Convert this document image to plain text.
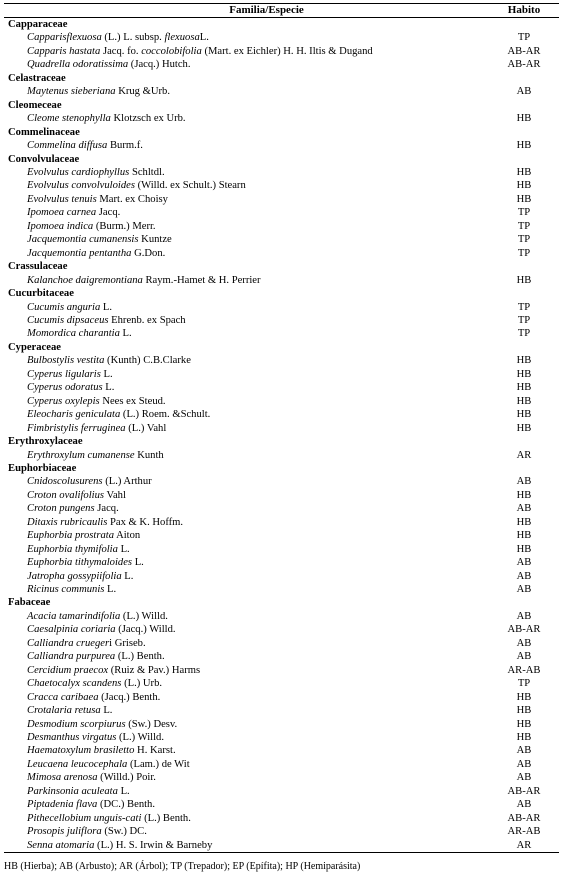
Familia/Especie	Habito
Capparaceae
Capparisflexuosa (L.) L. subsp. flexuosaL.	TP
Capparis hastata Jacq. fo. coccolobifolia (Mart. ex Eichler) H. H. Iltis & Dugand	AB-AR
Quadrella odoratissima (Jacq.) Hutch.	AB-AR
Celastraceae
Maytenus sieberiana Krug &Urb.	AB
Cleomeceae
Cleome stenophylla Klotzsch ex Urb.	HB
Commelinaceae
Commelina diffusa Burm.f.	HB
Convolvulaceae
Evolvulus cardiophyllus Schltdl.	HB
Evolvulus convolvuloides (Willd. ex Schult.) Stearn	HB
Evolvulus tenuis Mart. ex Choisy	HB
Ipomoea carnea Jacq.	TP
Ipomoea indica (Burm.) Merr.	TP
Jacquemontia cumanensis Kuntze	TP
Jacquemontia pentantha G.Don.	TP
Crassulaceae
Kalanchoe daigremontiana Raym.-Hamet & H. Perrier	HB
Cucurbitaceae
Cucumis anguria L.	TP
Cucumis dipsaceus Ehrenb. ex Spach	TP
Momordica charantia L.	TP
Cyperaceae
Bulbostylis vestita (Kunth) C.B.Clarke	HB
Cyperus ligularis L.	HB
Cyperus odoratus L.	HB
Cyperus oxylepis Nees ex Steud.	HB
Eleocharis geniculata (L.) Roem. &Schult.	HB
Fimbristylis ferruginea (L.) Vahl	HB
Erythroxylaceae
Erythroxylum cumanense Kunth	AR
Euphorbiaceae
Cnidoscolusurens (L.) Arthur	AB
Croton ovalifolius Vahl	HB
Croton pungens Jacq.	AB
Ditaxis rubricaulis Pax & K. Hoffm.	HB
Euphorbia prostrata Aiton	HB
Euphorbia thymifolia L.	HB
Euphorbia tithymaloides L.	AB
Jatropha gossypiifolia L.	AB
Ricinus communis L.	AB
Fabaceae
Acacia tamarindifolia (L.) Willd.	AB
Caesalpinia coriaria (Jacq.) Willd.	AB-AR
Calliandra cruegeri Griseb.	AB
Calliandra purpurea (L.) Benth.	AB
Cercidium praecox (Ruiz & Pav.) Harms	AR-AB
Chaetocalyx scandens (L.) Urb.	TP
Cracca caribaea (Jacq.) Benth.	HB
Crotalaria retusa L.	HB
Desmodium scorpiurus (Sw.) Desv.	HB
Desmanthus virgatus (L.) Willd.	HB
Haematoxylum brasiletto H. Karst.	AB
Leucaena leucocephala (Lam.) de Wit	AB
Mimosa arenosa (Willd.) Poir.	AB
Parkinsonia aculeata L.	AB-AR
Piptadenia flava (DC.) Benth.	AB
Pithecellobium unguis-cati (L.) Benth.	AB-AR
Prosopis juliflora (Sw.) DC.	AR-AB
Senna atomaria (L.) H. S. Irwin & Barneby	AR
HB (Hierba); AB (Arbusto); AR (Árbol); TP (Trepador); EP (Epífita); HP (Hemiparásita)
